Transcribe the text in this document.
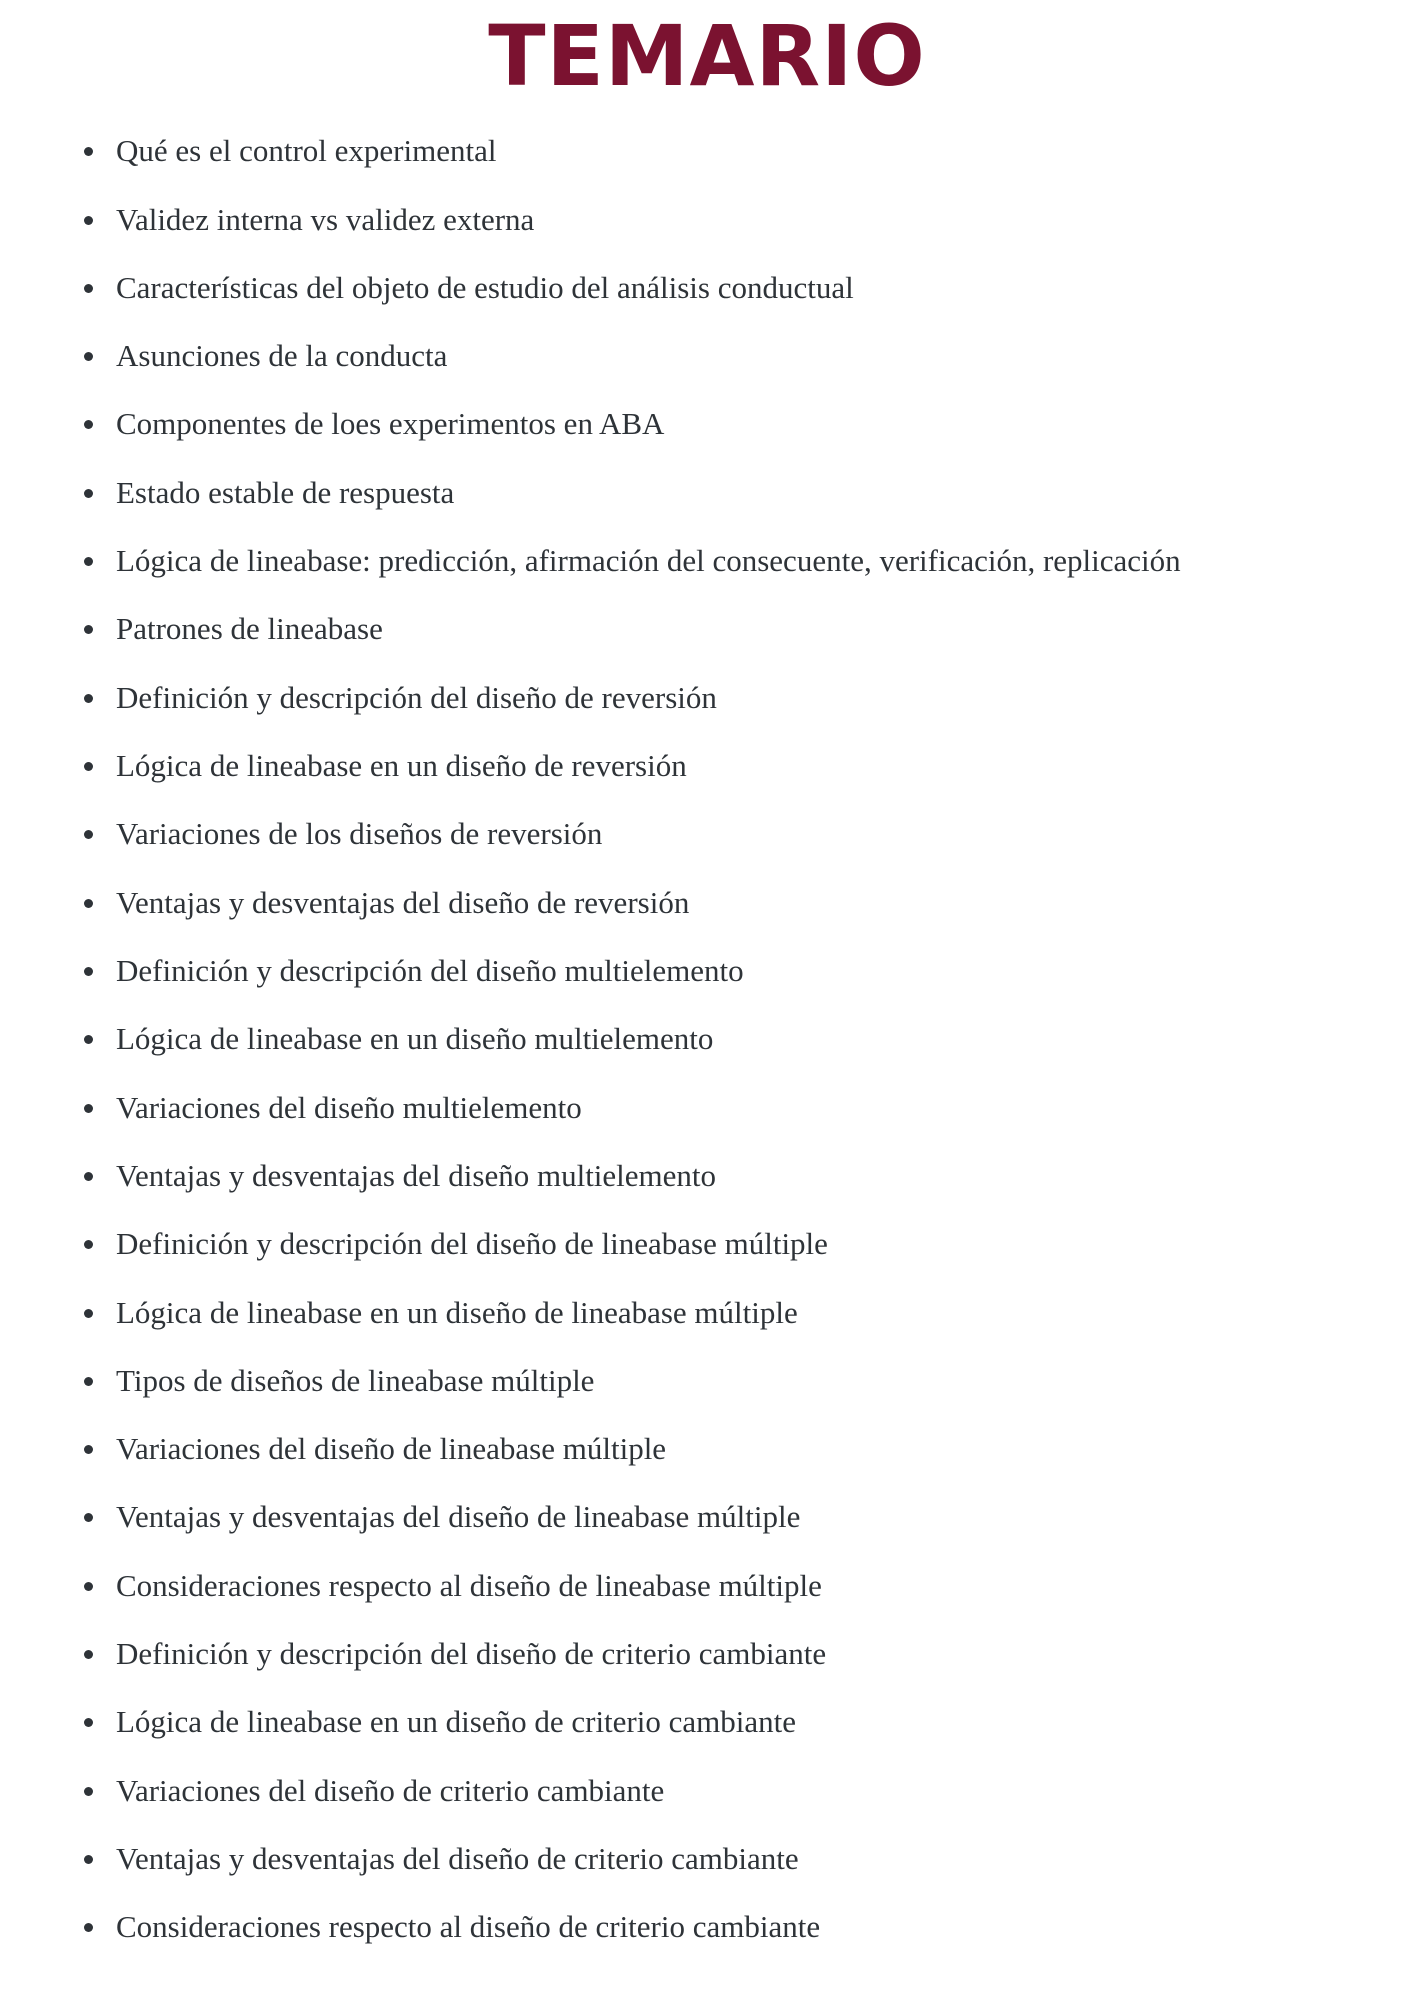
TEMARIO
Qué es el control experimental
Validez interna vs validez externa
Características del objeto de estudio del análisis conductual
Asunciones de la conducta
Componentes de loes experimentos en ABA
Estado estable de respuesta
Lógica de lineabase: predicción, afirmación del consecuente, verificación, replicación
Patrones de lineabase
Definición y descripción del diseño de reversión
Lógica de lineabase en un diseño de reversión
Variaciones de los diseños de reversión
Ventajas y desventajas del diseño de reversión
Definición y descripción del diseño multielemento
Lógica de lineabase en un diseño multielemento
Variaciones del diseño multielemento
Ventajas y desventajas del diseño multielemento
Definición y descripción del diseño de lineabase múltiple
Lógica de lineabase en un diseño de lineabase múltiple
Tipos de diseños de lineabase múltiple
Variaciones del diseño de lineabase múltiple
Ventajas y desventajas del diseño de lineabase múltiple
Consideraciones respecto al diseño de lineabase múltiple
Definición y descripción del diseño de criterio cambiante
Lógica de lineabase en un diseño de criterio cambiante
Variaciones del diseño de criterio cambiante
Ventajas y desventajas del diseño de criterio cambiante
Consideraciones respecto al diseño de criterio cambiante
